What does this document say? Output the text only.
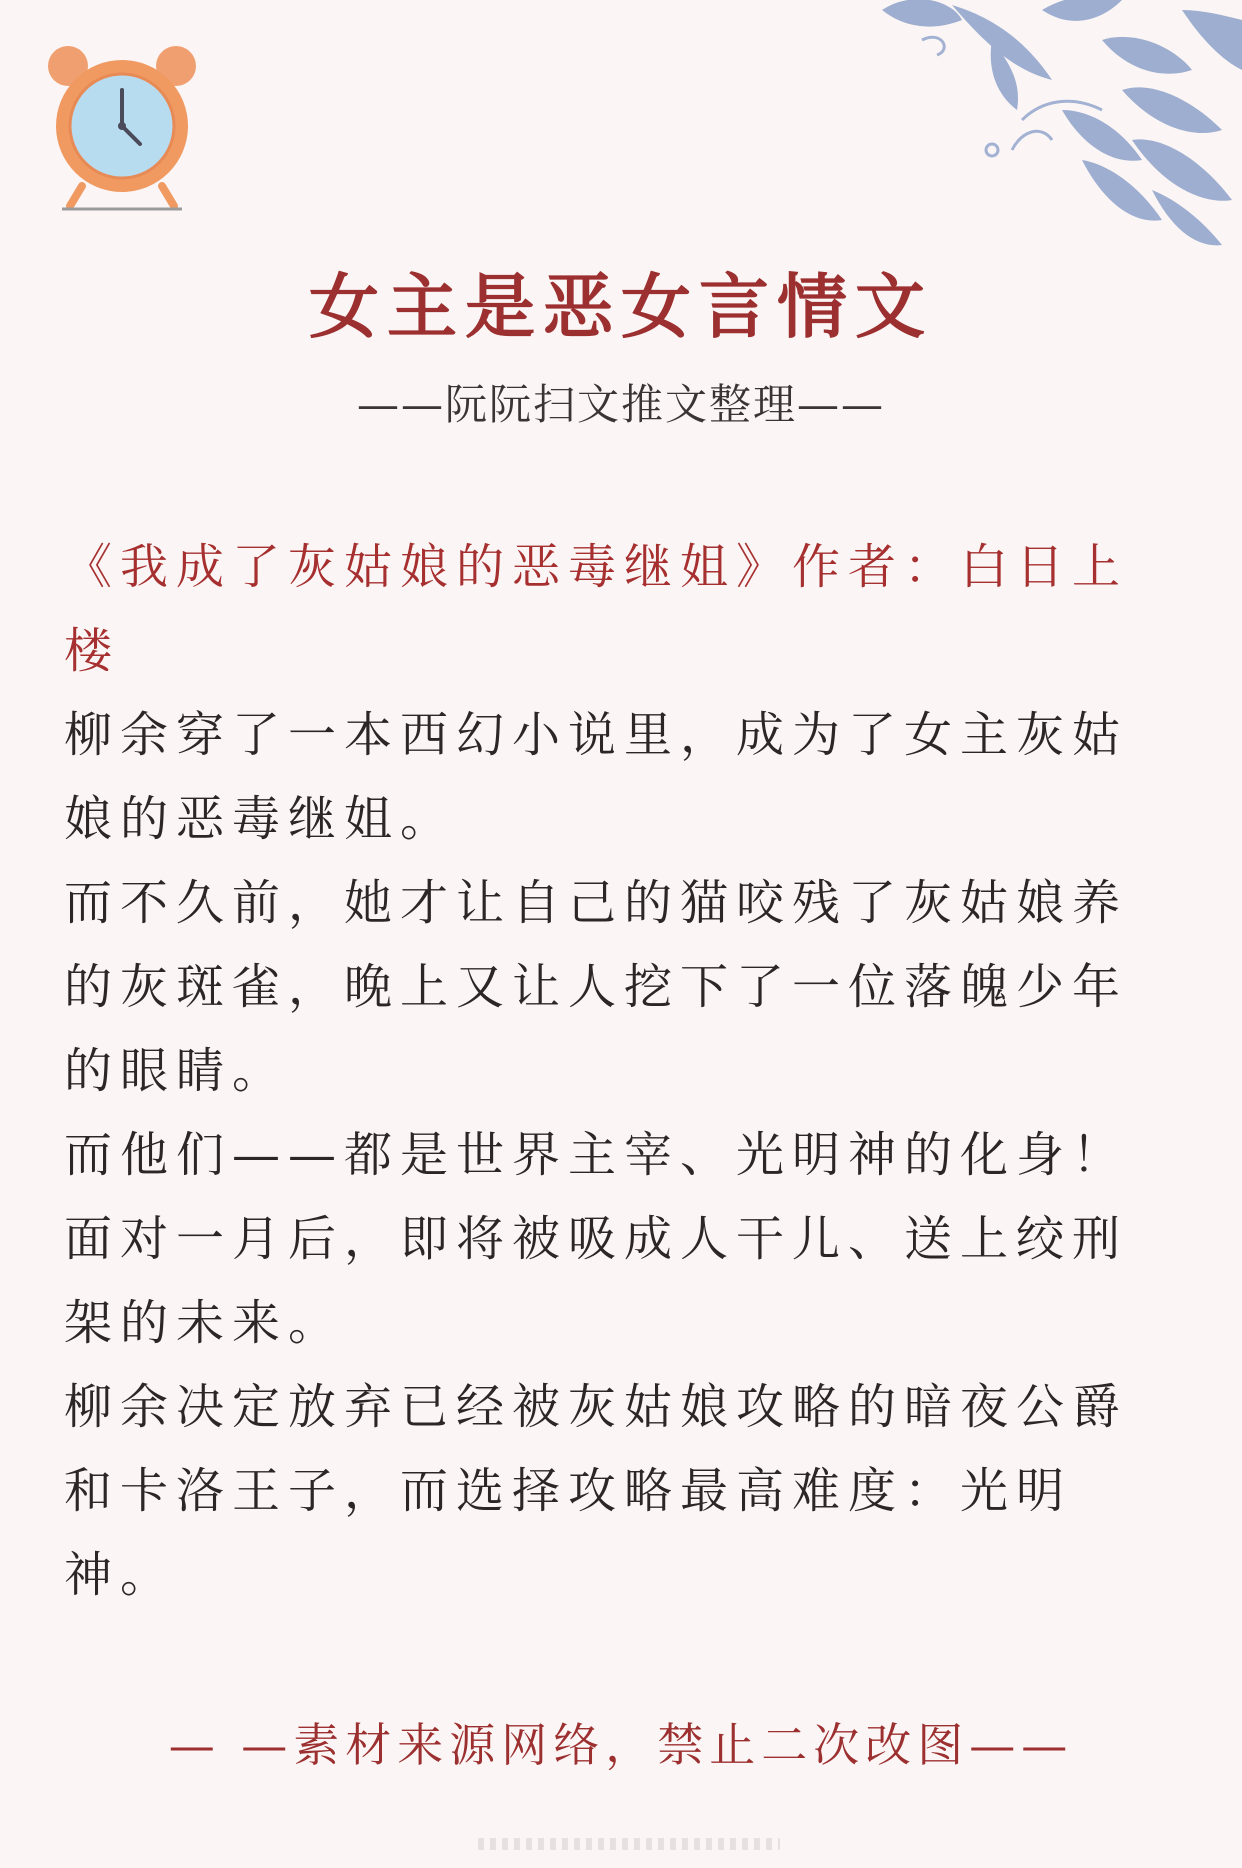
女主是恶女言情文
——阮阮扫文推文整理——

《我成了灰姑娘的恶毒继姐》作者：白日上楼

柳余穿了一本西幻小说里，成为了女主灰姑娘的恶毒继姐。

而不久前，她才让自己的猫咬残了灰姑娘养的灰斑雀，晚上又让人挖下了一位落魄少年的眼睛。

而他们——都是世界主宰、光明神的化身！

面对一月后，即将被吸成人干儿、送上绞刑架的未来。

柳余决定放弃已经被灰姑娘攻略的暗夜公爵和卡洛王子，而选择攻略最高难度：光明神。

— —素材来源网络，禁止二次改图——
